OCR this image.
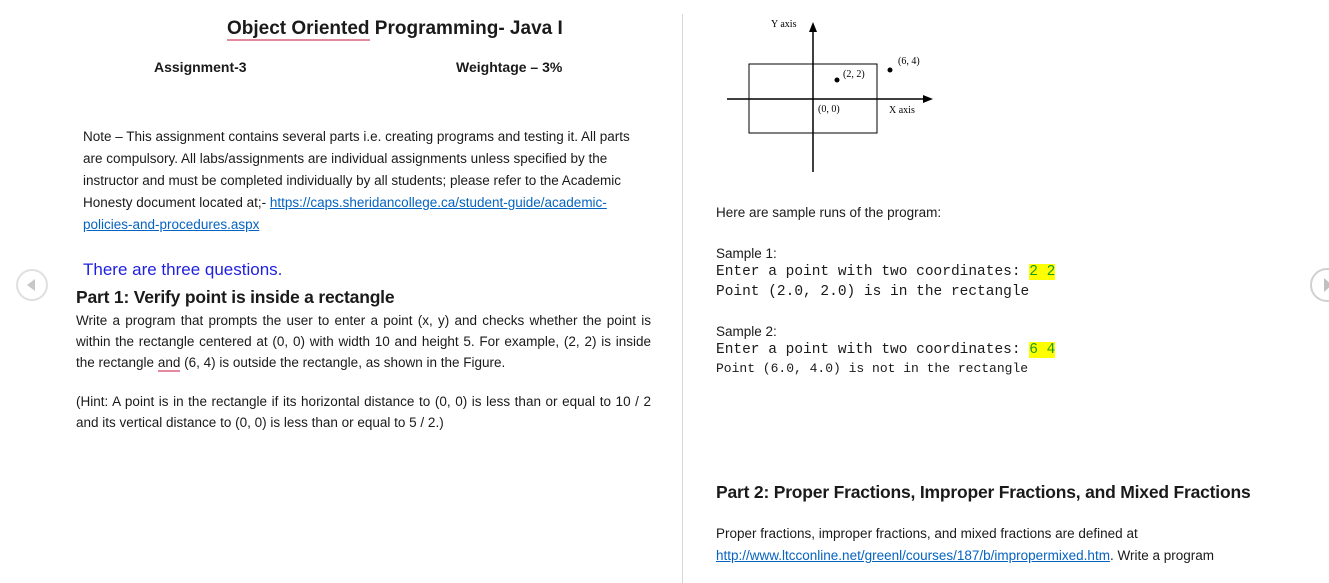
Object Oriented Programming- Java I
Assignment-3	Weightage – 3%
Note – This assignment contains several parts i.e. creating programs and testing it. All parts are compulsory. All labs/assignments are individual assignments unless specified by the instructor and must be completed individually by all students; please refer to the Academic Honesty document located at;- https://caps.sheridancollege.ca/student-guide/academic-policies-and-procedures.aspx
There are three questions.
Part 1: Verify point is inside a rectangle
Write a program that prompts the user to enter a point (x, y) and checks whether the point is within the rectangle centered at (0, 0) with width 10 and height 5. For example, (2, 2) is inside the rectangle and (6, 4) is outside the rectangle, as shown in the Figure.
(Hint: A point is in the rectangle if its horizontal distance to (0, 0) is less than or equal to 10 / 2 and its vertical distance to (0, 0) is less than or equal to 5 / 2.)
Y axis
X axis
(2, 2)
(6, 4)
(0, 0)
Here are sample runs of the program:
Sample 1:
Enter a point with two coordinates: 2 2
Point (2.0, 2.0) is in the rectangle
Sample 2:
Enter a point with two coordinates: 6 4
Point (6.0, 4.0) is not in the rectangle
Part 2: Proper Fractions, Improper Fractions, and Mixed Fractions
Proper fractions, improper fractions, and mixed fractions are defined at http://www.ltcconline.net/greenl/courses/187/b/impropermixed.htm. Write a program
